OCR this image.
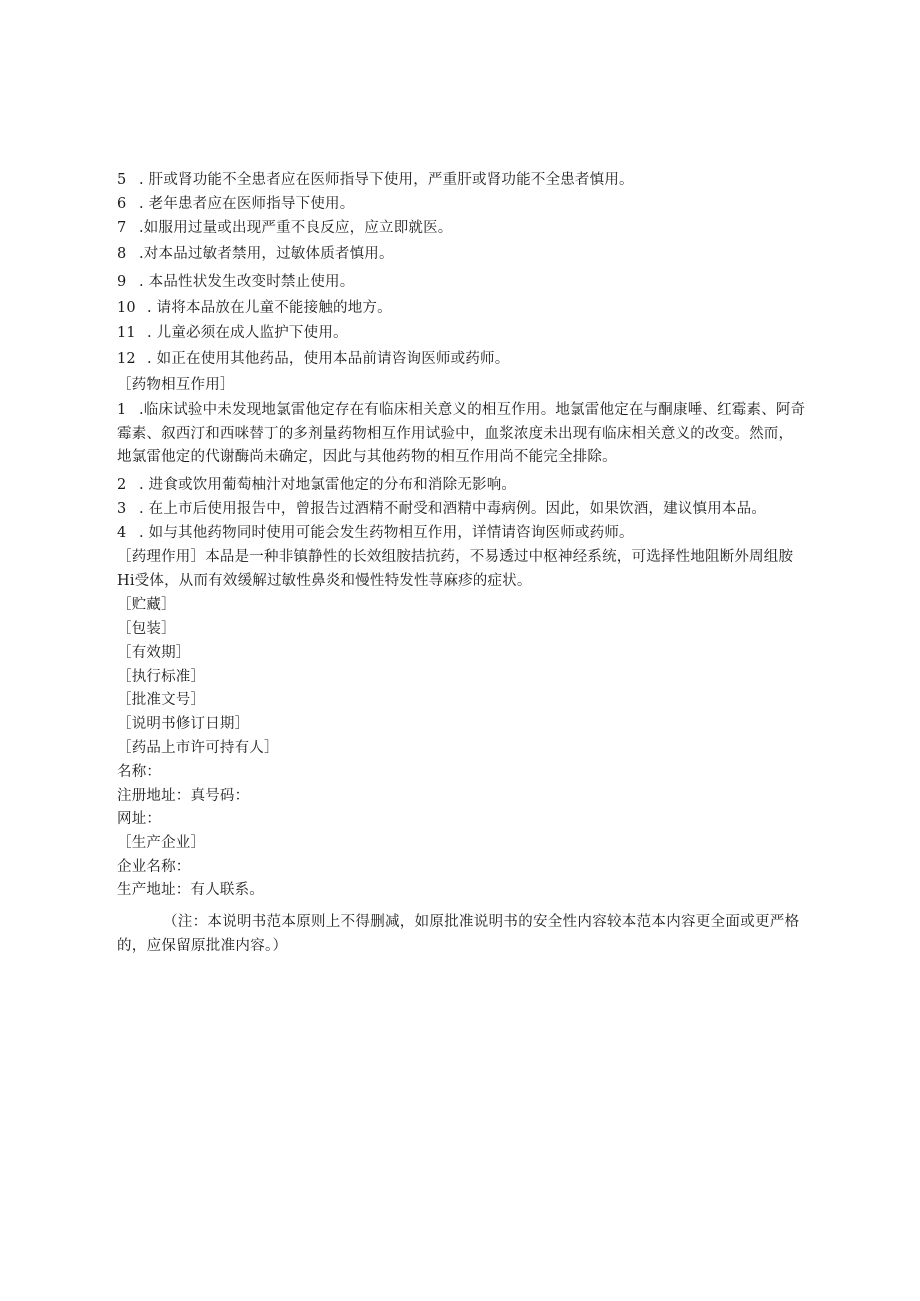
5 . 肝或肾功能不全患者应在医师指导下使用，严重肝或肾功能不全患者慎用。
6 . 老年患者应在医师指导下使用。
7 .如服用过量或出现严重不良反应，应立即就医。
8 .对本品过敏者禁用，过敏体质者慎用。
9 . 本品性状发生改变时禁止使用。
10 . 请将本品放在儿童不能接触的地方。
11 . 儿童必须在成人监护下使用。
12 . 如正在使用其他药品，使用本品前请咨询医师或药师。
［药物相互作用］
1 .临床试验中未发现地氯雷他定存在有临床相关意义的相互作用。地氯雷他定在与酮康唾、红霉素、阿奇霉素、叙西汀和西咪替丁的多剂量药物相互作用试验中，血浆浓度未出现有临床相关意义的改变。然而，地氯雷他定的代谢酶尚未确定，因此与其他药物的相互作用尚不能完全排除。
2 . 进食或饮用葡萄柚汁对地氯雷他定的分布和消除无影响。
3 . 在上市后使用报告中，曾报告过酒精不耐受和酒精中毒病例。因此，如果饮酒，建议慎用本品。
4 . 如与其他药物同时使用可能会发生药物相互作用，详情请咨询医师或药师。
［药理作用］本品是一种非镇静性的长效组胺拮抗药，不易透过中枢神经系统，可选择性地阻断外周组胺Hi受体，从而有效缓解过敏性鼻炎和慢性特发性荨麻疹的症状。
［贮藏］
［包装］
［有效期］
［执行标准］
［批准文号］
［说明书修订日期］
［药品上市许可持有人］
名称：
注册地址：真号码：
网址：
［生产企业］
企业名称：
生产地址：有人联系。
（注：本说明书范本原则上不得删减，如原批准说明书的安全性内容较本范本内容更全面或更严格的，应保留原批准内容。）
